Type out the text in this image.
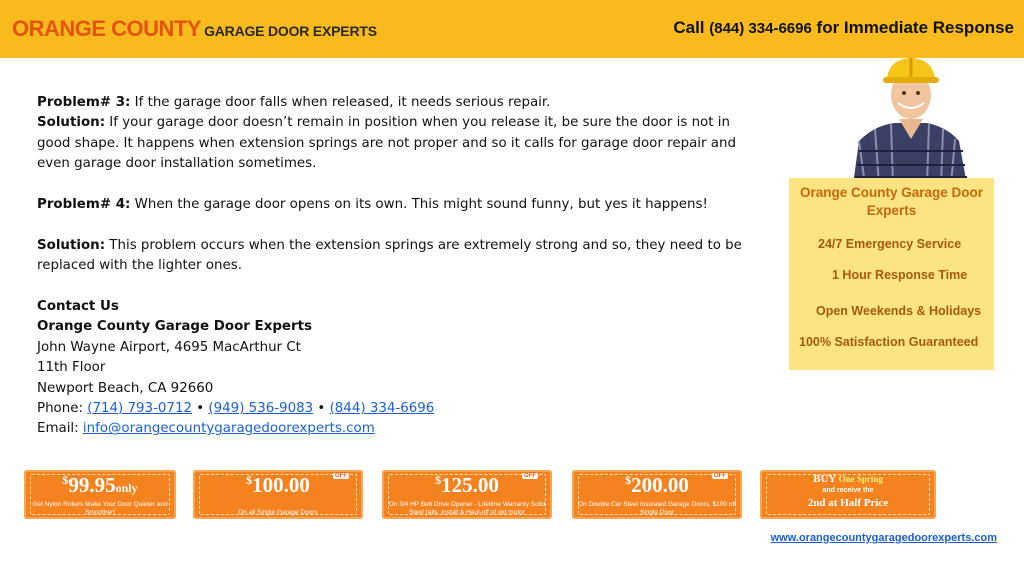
ORANGE COUNTY GARAGE DOOR EXPERTS	Call (844) 334-6696 for Immediate Response

Problem# 3: If the garage door falls when released, it needs serious repair.

Solution: If your garage door doesn’t remain in position when you release it, be sure the door is not in good shape. It happens when extension springs are not proper and so it calls for garage door repair and even garage door installation sometimes.

Problem# 4: When the garage door opens on its own. This might sound funny, but yes it happens!

Solution: This problem occurs when the extension springs are extremely strong and so, they need to be replaced with the lighter ones.

Contact Us

Orange County Garage Door Experts

John Wayne Airport, 4695 MacArthur Ct

11th Floor

Newport Beach, CA 92660

Phone: (714) 793-0712 • (949) 536-9083 • (844) 334-6696

Email: info@orangecountygaragedoorexperts.com

Orange County Garage Door Experts
24/7 Emergency Service
1 Hour Response Time
Open Weekends & Holidays
100% Satisfaction Guaranteed
$99.95only
Get Nylon Rollers Make Your Door Quieter and Smoother!
$100.00	OFF
On all Single Garage Doors
$125.00	OFF
On 3/4 HP Belt Drive Opener - Lifetime Warranty Solid Steel rails. Install & Haul-off of old motor
$200.00	OFF
On Double Car Steel Insulated Garage Doors, $100 off Single Door
BUY One Spring
and receive the
2nd at Half Price
www.orangecountygaragedoorexperts.com
